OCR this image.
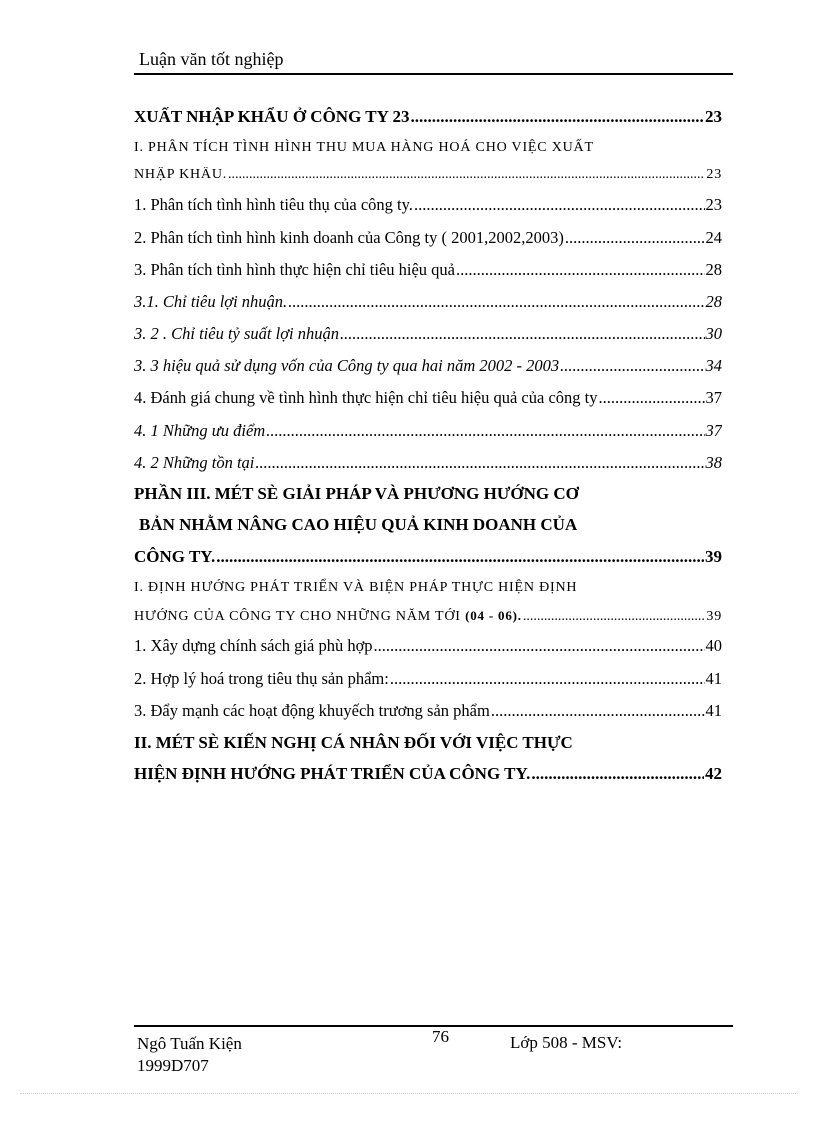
Luận văn tốt nghiệp
XUẤT NHẬP KHẨU Ở CÔNG TY 23 .....	23
I. PHÂN TÍCH TÌNH HÌNH THU MUA HÀNG HOÁ CHO VIỆC XUẤT
NHẬP KHẨU. .....	23
1. Phân tích tình hình tiêu thụ của công ty. .....	23
2. Phân tích tình hình kinh doanh của Công ty ( 2001,2002,2003) .....	24
3. Phân tích tình hình thực hiện chỉ tiêu hiệu quả .....	28
3.1. Chỉ tiêu lợi nhuận. .....	28
3. 2 . Chỉ tiêu tỷ suất lợi nhuận .....	30
3. 3 hiệu quả sử dụng vốn của Công ty qua hai năm 2002 - 2003 .....	34
4. Đánh giá chung về tình hình thực hiện chỉ tiêu hiệu quả của công ty .....	37
4. 1 Những ưu điểm .....	37
4. 2 Những tồn tại .....	38
PHẦN III. MÉT SÈ GIẢI PHÁP VÀ PHƯƠNG HƯỚNG CƠ
BẢN NHẰM NÂNG CAO HIỆU QUẢ KINH DOANH CỦA
CÔNG TY. .....	39
I. ĐỊNH HƯỚNG PHÁT TRIỂN VÀ BIỆN PHÁP THỰC HIỆN ĐỊNH
HƯỚNG CỦA CÔNG TY CHO NHỮNG NĂM TỚI
(04 - 06). .....	39
1. Xây dựng chính sách giá phù hợp .....	40
2. Hợp lý hoá trong tiêu thụ sản phẩm: .....	41
3. Đẩy mạnh các hoạt động khuyếch trương sản phẩm .....	41
II. MÉT SÈ KIẾN NGHỊ CÁ NHÂN ĐỐI VỚI VIỆC THỰC
HIỆN ĐỊNH HƯỚNG PHÁT TRIỂN CỦA CÔNG TY. .....	42
Ngô Tuấn Kiện
1999D707
76	Lớp 508 - MSV:
